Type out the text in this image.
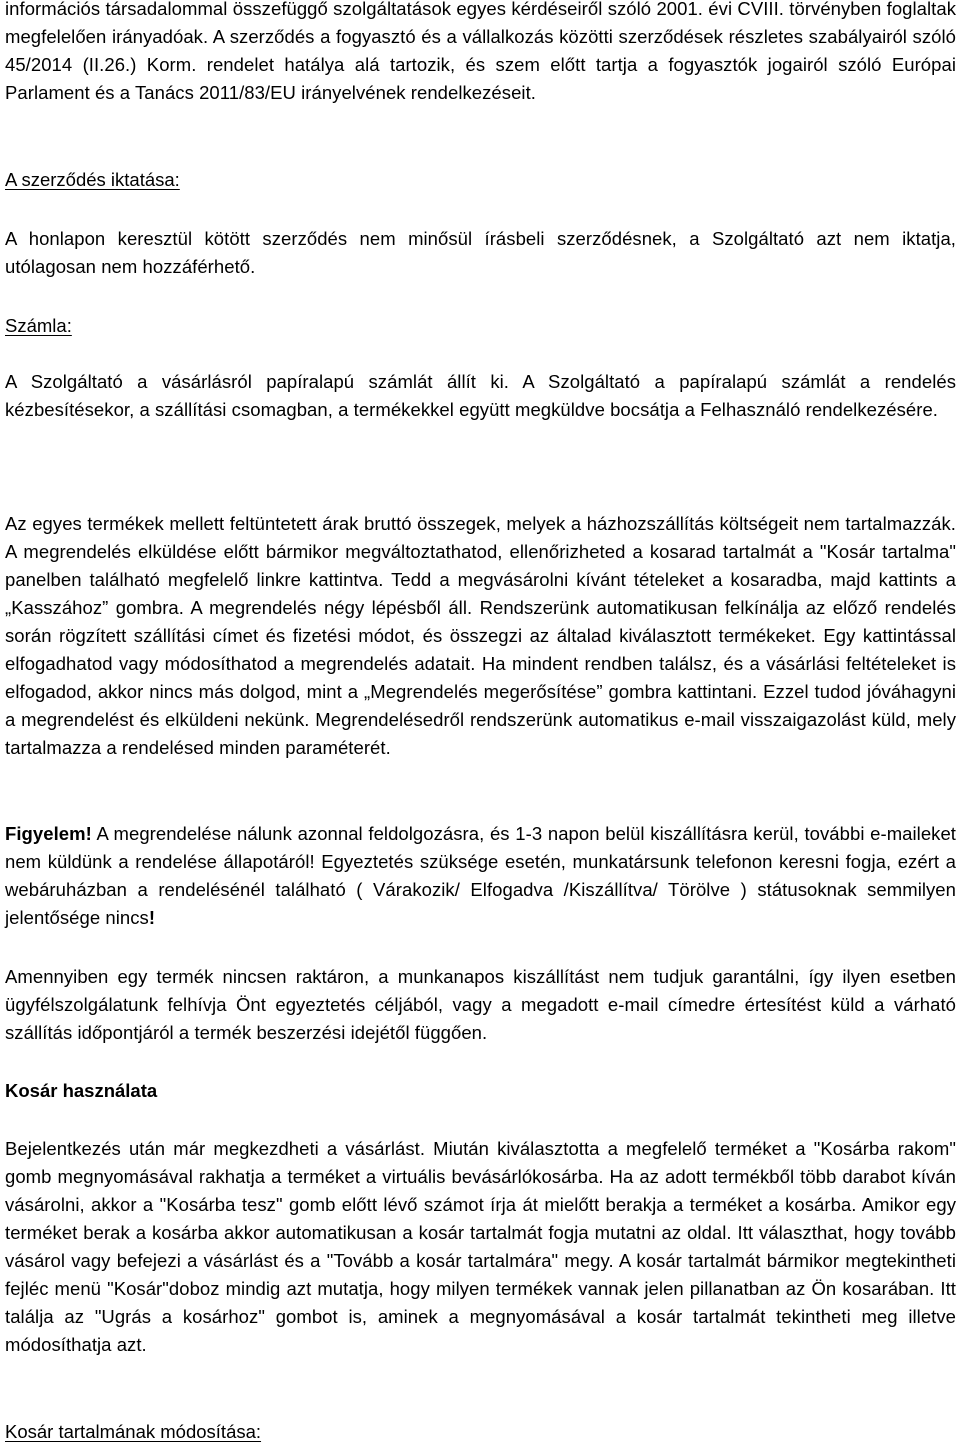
információs társadalommal összefüggő szolgáltatások egyes kérdéseiről szóló 2001. évi CVIII. törvényben foglaltak megfelelően irányadóak. A szerződés a fogyasztó és a vállalkozás közötti szerződések részletes szabályairól szóló 45/2014 (II.26.) Korm. rendelet hatálya alá tartozik, és szem előtt tartja a fogyasztók jogairól szóló Európai Parlament és a Tanács 2011/83/EU irányelvének rendelkezéseit.

A szerződés iktatása:

A honlapon keresztül kötött szerződés nem minősül írásbeli szerződésnek, a Szolgáltató azt nem iktatja, utólagosan nem hozzáférhető.

Számla:

A Szolgáltató a vásárlásról papíralapú számlát állít ki. A Szolgáltató a papíralapú számlát a rendelés kézbesítésekor, a szállítási csomagban, a termékekkel együtt megküldve bocsátja a Felhasználó rendelkezésére.

Az egyes termékek mellett feltüntetett árak bruttó összegek, melyek a házhozszállítás költségeit nem tartalmazzák. A megrendelés elküldése előtt bármikor megváltoztathatod, ellenőrizheted a kosarad tartalmát a "Kosár tartalma" panelben található megfelelő linkre kattintva. Tedd a megvásárolni kívánt tételeket a kosaradba, majd kattints a „Kasszához” gombra. A megrendelés négy lépésből áll. Rendszerünk automatikusan felkínálja az előző rendelés során rögzített szállítási címet és fizetési módot, és összegzi az általad kiválasztott termékeket. Egy kattintással elfogadhatod vagy módosíthatod a megrendelés adatait. Ha mindent rendben találsz, és a vásárlási feltételeket is elfogadod, akkor nincs más dolgod, mint a „Megrendelés megerősítése” gombra kattintani. Ezzel tudod jóváhagyni a megrendelést és elküldeni nekünk. Megrendelésedről rendszerünk automatikus e-mail visszaigazolást küld, mely tartalmazza a rendelésed minden paraméterét.

Figyelem! A megrendelése nálunk azonnal feldolgozásra, és 1-3 napon belül kiszállításra kerül, további e-maileket nem küldünk a rendelése állapotáról! Egyeztetés szüksége esetén, munkatársunk telefonon keresni fogja, ezért a webáruházban a rendelésénél található ( Várakozik/ Elfogadva /Kiszállítva/ Törölve ) státusoknak semmilyen jelentősége nincs!

Amennyiben egy termék nincsen raktáron, a munkanapos kiszállítást nem tudjuk garantálni, így ilyen esetben ügyfélszolgálatunk felhívja Önt egyeztetés céljából, vagy a megadott e-mail címedre értesítést küld a várható szállítás időpontjáról a termék beszerzési idejétől függően.

Kosár használata

Bejelentkezés után már megkezdheti a vásárlást. Miután kiválasztotta a megfelelő terméket a "Kosárba rakom" gomb megnyomásával rakhatja a terméket a virtuális bevásárlókosárba. Ha az adott termékből több darabot kíván vásárolni, akkor a "Kosárba tesz" gomb előtt lévő számot írja át mielőtt berakja a terméket a kosárba. Amikor egy terméket berak a kosárba akkor automatikusan a kosár tartalmát fogja mutatni az oldal. Itt választhat, hogy tovább vásárol vagy befejezi a vásárlást és a "Tovább a kosár tartalmára" megy. A kosár tartalmát bármikor megtekintheti fejléc menü "Kosár"doboz mindig azt mutatja, hogy milyen termékek vannak jelen pillanatban az Ön kosarában. Itt találja az "Ugrás a kosárhoz" gombot is, aminek a megnyomásával a kosár tartalmát tekintheti meg illetve módosíthatja azt.

Kosár tartalmának módosítása:
